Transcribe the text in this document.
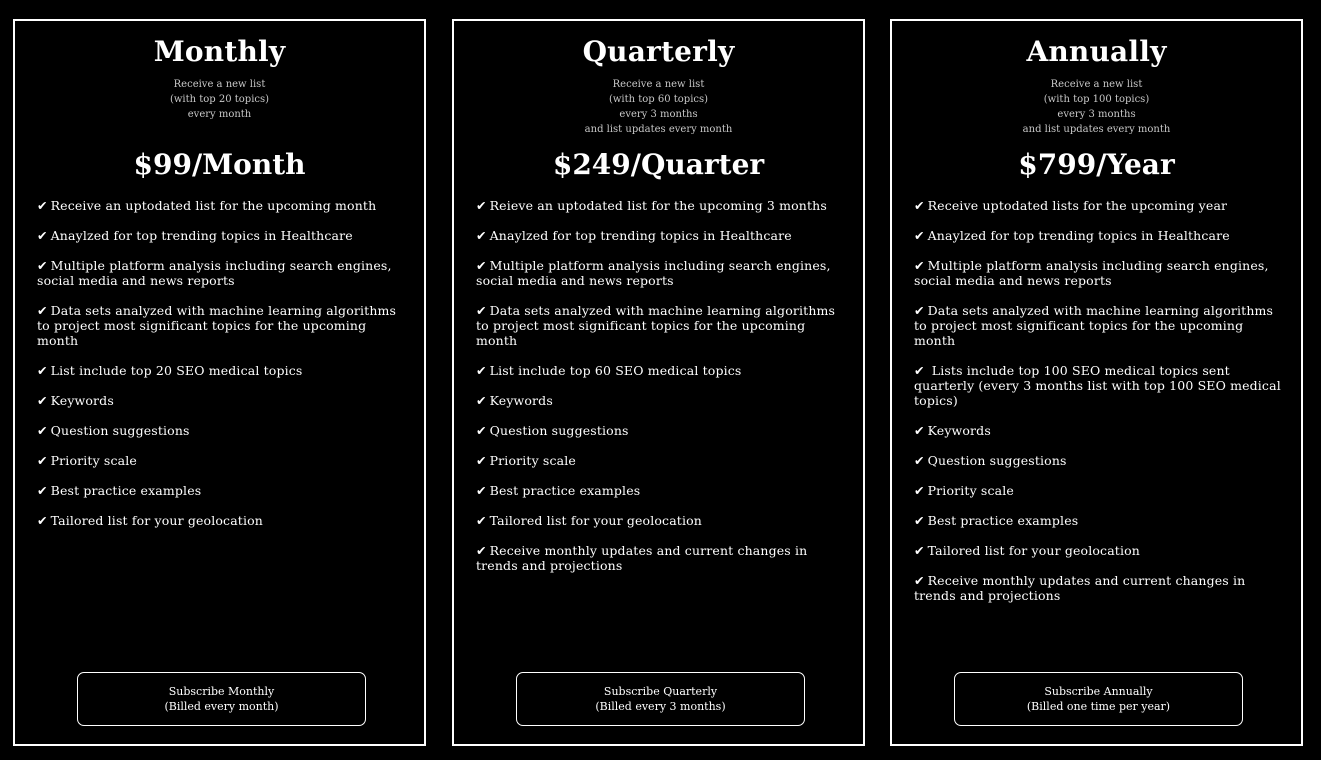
Monthly
Receive a new list
(with top 20 topics)
every month
$99/Month
✔ Receive an uptodated list for the upcoming month
✔ Anaylzed for top trending topics in Healthcare
✔ Multiple platform analysis including search engines, social media and news reports
✔ Data sets analyzed with machine learning algorithms to project most significant topics for the upcoming month
✔ List include top 20 SEO medical topics
✔ Keywords
✔ Question suggestions
✔ Priority scale
✔ Best practice examples
✔ Tailored list for your geolocation
Subscribe Monthly
(Billed every month)
Quarterly
Receive a new list
(with top 60 topics)
every 3 months
and list updates every month
$249/Quarter
✔ Reieve an uptodated list for the upcoming 3 months
✔ Anaylzed for top trending topics in Healthcare
✔ Multiple platform analysis including search engines, social media and news reports
✔ Data sets analyzed with machine learning algorithms to project most significant topics for the upcoming month
✔ List include top 60 SEO medical topics
✔ Keywords
✔ Question suggestions
✔ Priority scale
✔ Best practice examples
✔ Tailored list for your geolocation
✔ Receive monthly updates and current changes in trends and projections
Subscribe Quarterly
(Billed every 3 months)
Annually
Receive a new list
(with top 100 topics)
every 3 months
and list updates every month
$799/Year
✔ Receive uptodated lists for the upcoming year
✔ Anaylzed for top trending topics in Healthcare
✔ Multiple platform analysis including search engines, social media and news reports
✔ Data sets analyzed with machine learning algorithms to project most significant topics for the upcoming month
✔ Lists include top 100 SEO medical topics sent quarterly (every 3 months list with top 100 SEO medical topics)
✔ Keywords
✔ Question suggestions
✔ Priority scale
✔ Best practice examples
✔ Tailored list for your geolocation
✔ Receive monthly updates and current changes in trends and projections
Subscribe Annually
(Billed one time per year)
